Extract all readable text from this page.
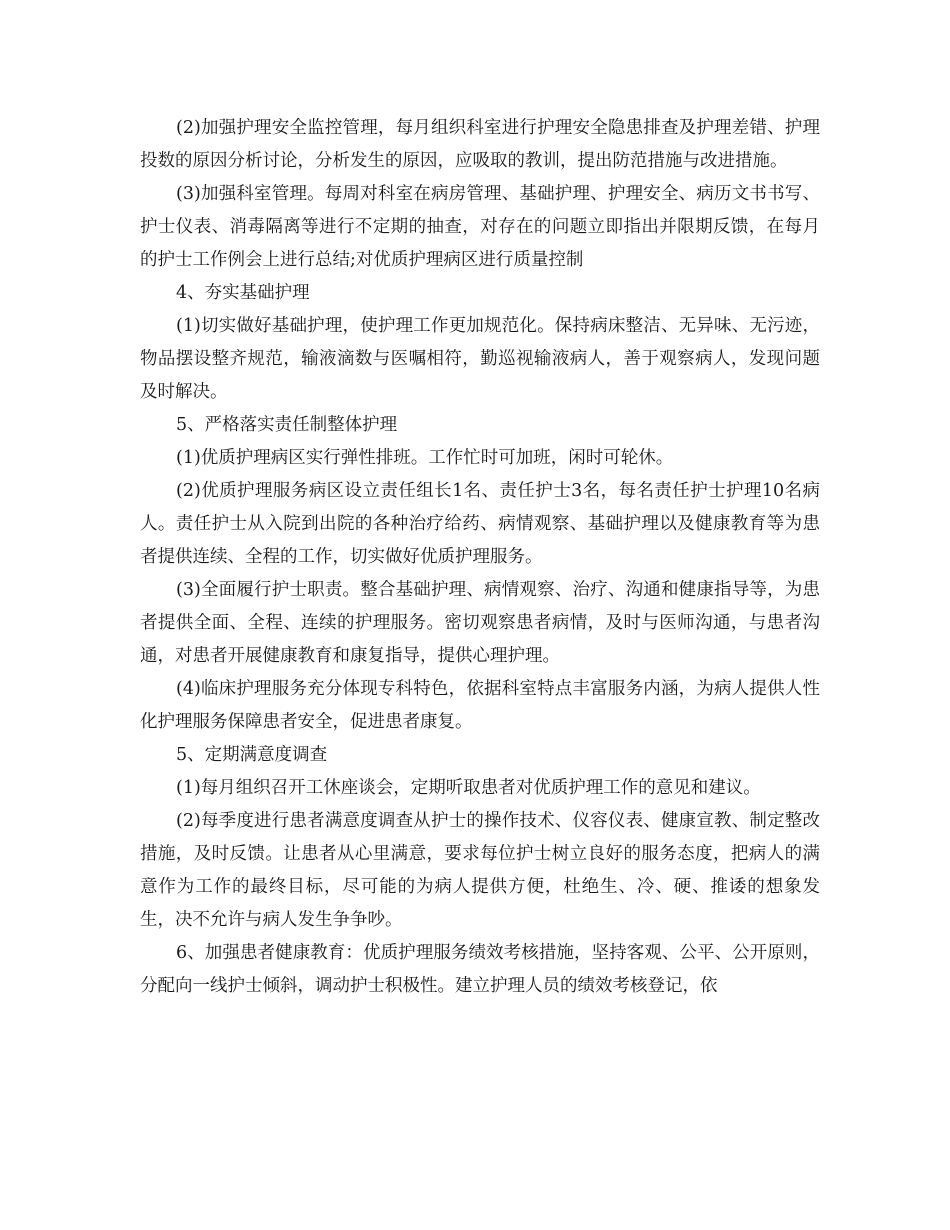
(2)加强护理安全监控管理，每月组织科室进行护理安全隐患排查及护理差错、护理投数的原因分析讨论，分析发生的原因，应吸取的教训，提出防范措施与改进措施。

(3)加强科室管理。每周对科室在病房管理、基础护理、护理安全、病历文书书写、护士仪表、消毒隔离等进行不定期的抽查，对存在的问题立即指出并限期反馈，在每月的护士工作例会上进行总结;对优质护理病区进行质量控制

4、夯实基础护理

(1)切实做好基础护理，使护理工作更加规范化。保持病床整洁、无异味、无污迹，物品摆设整齐规范，输液滴数与医嘱相符，勤巡视输液病人，善于观察病人，发现问题及时解决。

5、严格落实责任制整体护理

(1)优质护理病区实行弹性排班。工作忙时可加班，闲时可轮休。

(2)优质护理服务病区设立责任组长1名、责任护士3名，每名责任护士护理10名病人。责任护士从入院到出院的各种治疗给药、病情观察、基础护理以及健康教育等为患者提供连续、全程的工作，切实做好优质护理服务。

(3)全面履行护士职责。整合基础护理、病情观察、治疗、沟通和健康指导等，为患者提供全面、全程、连续的护理服务。密切观察患者病情，及时与医师沟通，与患者沟通，对患者开展健康教育和康复指导，提供心理护理。

(4)临床护理服务充分体现专科特色，依据科室特点丰富服务内涵，为病人提供人性化护理服务保障患者安全，促进患者康复。

5、定期满意度调查

(1)每月组织召开工休座谈会，定期听取患者对优质护理工作的意见和建议。

(2)每季度进行患者满意度调查从护士的操作技术、仪容仪表、健康宣教、制定整改措施，及时反馈。让患者从心里满意，要求每位护士树立良好的服务态度，把病人的满意作为工作的最终目标，尽可能的为病人提供方便，杜绝生、冷、硬、推诿的想象发生，决不允许与病人发生争争吵。

6、加强患者健康教育：优质护理服务绩效考核措施，坚持客观、公平、公开原则，分配向一线护士倾斜，调动护士积极性。建立护理人员的绩效考核登记，依
